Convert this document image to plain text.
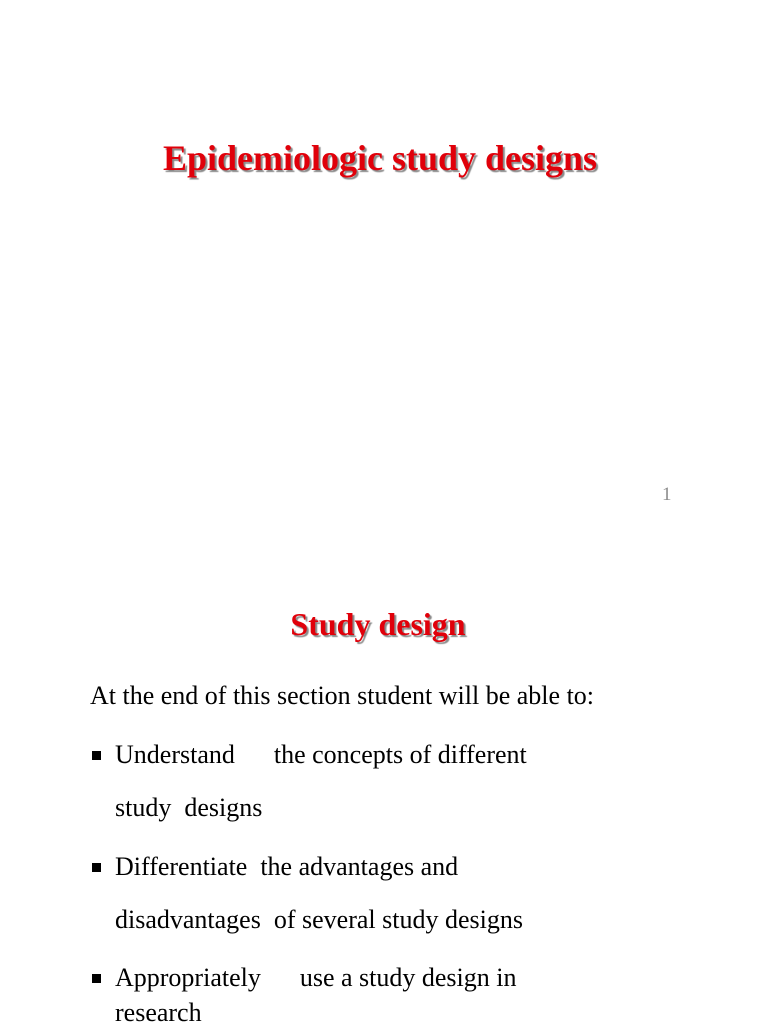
Epidemiologic study designs
1
Study design
At the end of this section student will be able to:
Understand      the concepts of different
study  designs
Differentiate  the advantages and
disadvantages  of several study designs
Appropriately      use a study design in
research
